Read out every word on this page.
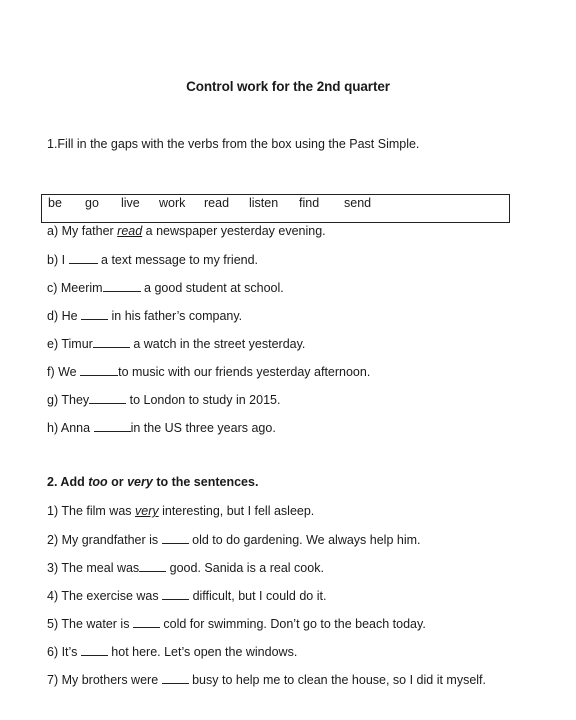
Control work for the 2nd quarter
1.Fill in the gaps with the verbs from the box using the Past Simple.
be go live work read listen find send
a) My father read a newspaper yesterday evening.
b) I  a text message to my friend.
c) Meerim	a good student at school.
d) He  in his father’s company.
e) Timur	a watch in the street yesterday.
f) We	to music with our friends yesterday afternoon.
g) They	to London to study in 2015.
h) Anna	in the US three years ago.
2. Add too or very to the sentences.
1) The film was very interesting, but I fell asleep.
2) My grandfather is  old to do gardening. We always help him.
3) The meal was good. Sanida is a real cook.
4) The exercise was  difficult, but I could do it.
5) The water is  cold for swimming. Don’t go to the beach today.
6) It’s  hot here. Let’s open the windows.
7) My brothers were  busy to help me to clean the house, so I did it myself.
